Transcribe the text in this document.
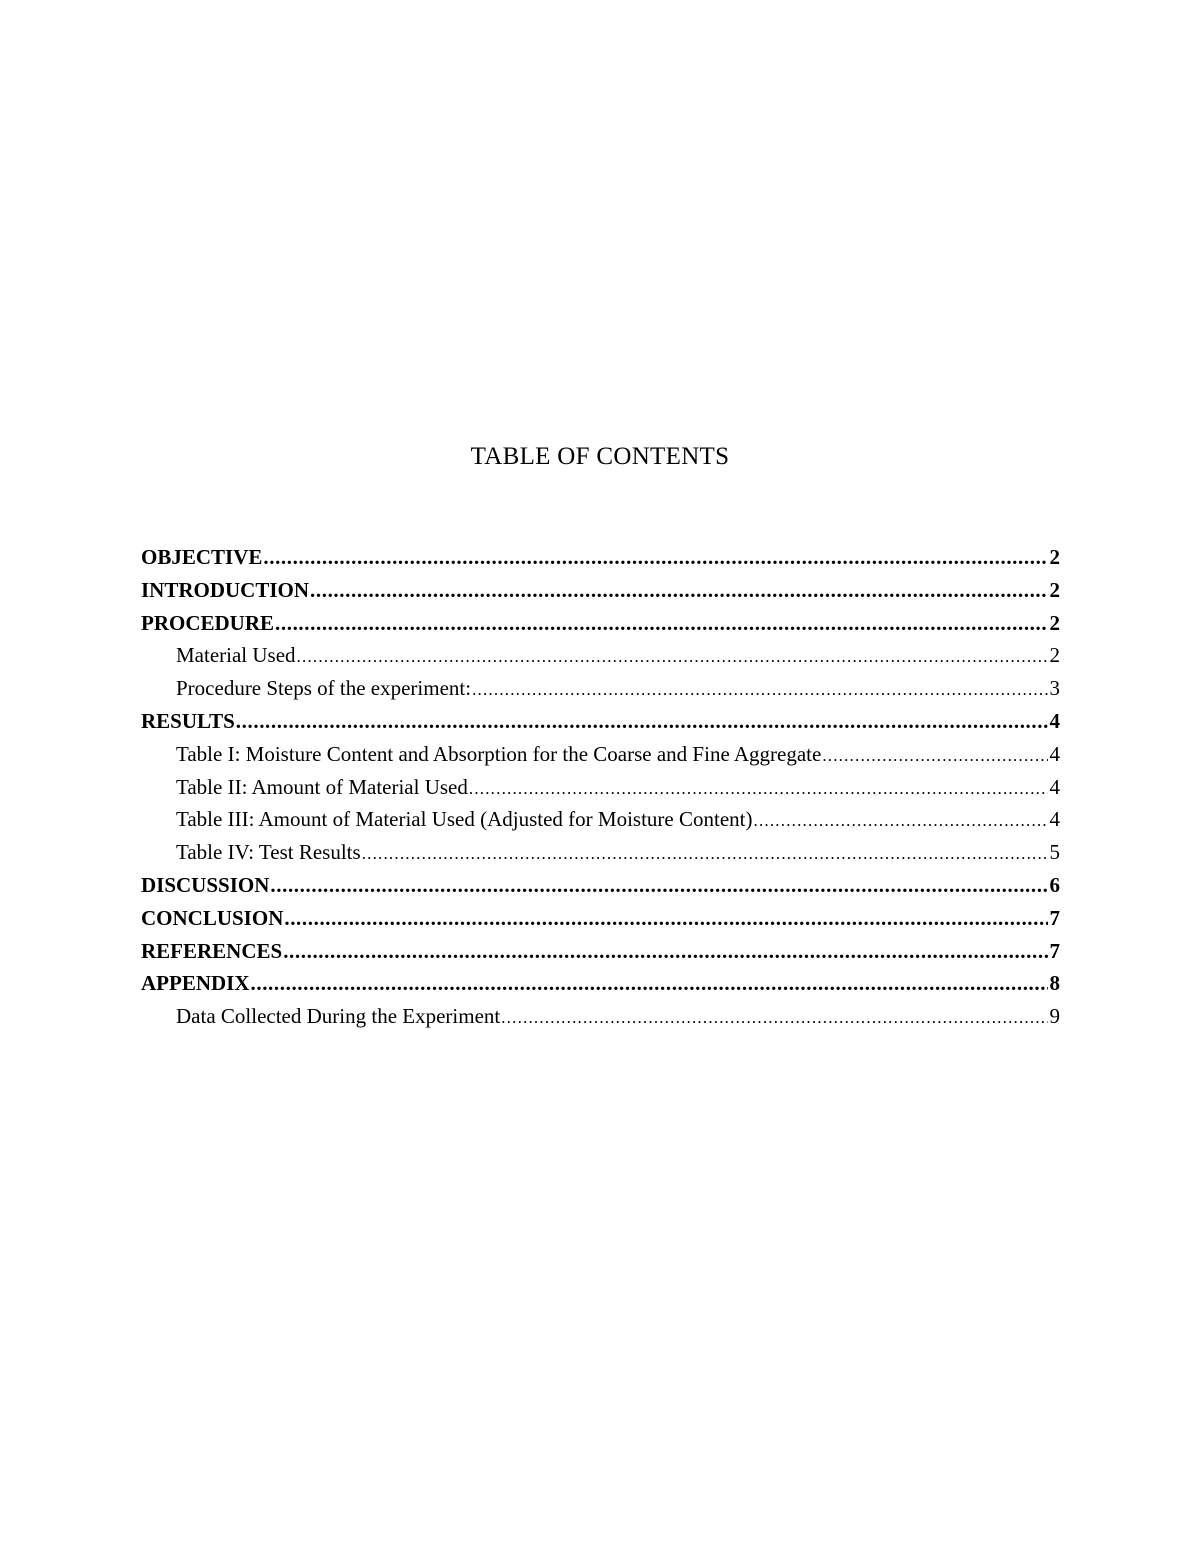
TABLE OF CONTENTS
OBJECTIVE .....	2
INTRODUCTION .....	2
PROCEDURE .....	2
Material Used .....	2
Procedure Steps of the experiment: .....	3
RESULTS .....	4
Table I: Moisture Content and Absorption for the Coarse and Fine Aggregate .....	4
Table II: Amount of Material Used .....	4
Table III: Amount of Material Used (Adjusted for Moisture Content) .....	4
Table IV: Test Results .....	5
DISCUSSION .....	6
CONCLUSION .....	7
REFERENCES .....	7
APPENDIX .....	8
Data Collected During the Experiment .....	9
